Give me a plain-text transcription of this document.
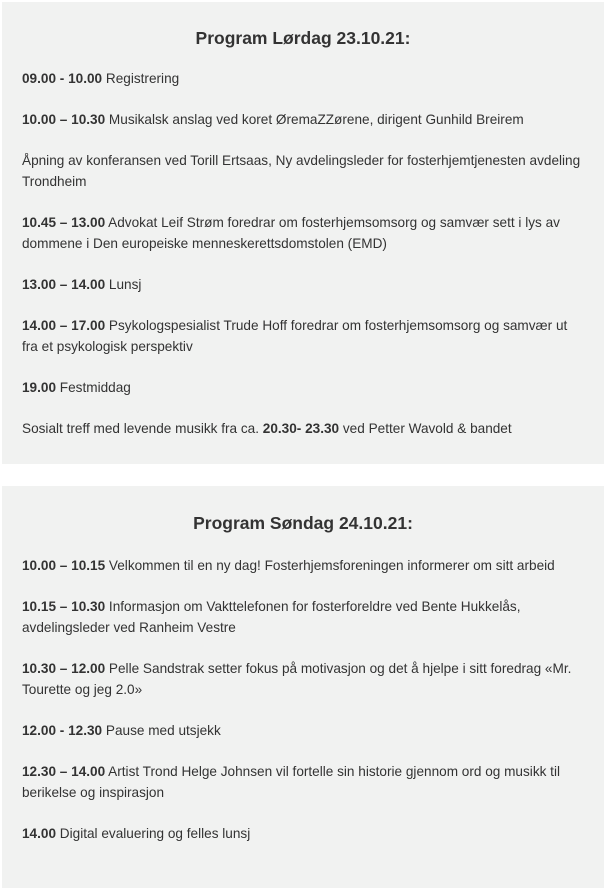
Program Lørdag 23.10.21:

09.00 - 10.00 Registrering

10.00 – 10.30 Musikalsk anslag ved koret ØremaZZørene, dirigent Gunhild Breirem

Åpning av konferansen ved Torill Ertsaas, Ny avdelingsleder for fosterhjemtjenesten avdeling Trondheim

10.45 – 13.00 Advokat Leif Strøm foredrar om fosterhjemsomsorg og samvær sett i lys av dommene i Den europeiske menneskerettsdomstolen (EMD)

13.00 – 14.00 Lunsj

14.00 – 17.00 Psykologspesialist Trude Hoff foredrar om fosterhjemsomsorg og samvær ut fra et psykologisk perspektiv

19.00 Festmiddag

Sosialt treff med levende musikk fra ca. 20.30- 23.30 ved Petter Wavold & bandet

Program Søndag 24.10.21:

10.00 – 10.15 Velkommen til en ny dag! Fosterhjemsforeningen informerer om sitt arbeid

10.15 – 10.30 Informasjon om Vakttelefonen for fosterforeldre ved Bente Hukkelås, avdelingsleder ved Ranheim Vestre

10.30 – 12.00 Pelle Sandstrak setter fokus på motivasjon og det å hjelpe i sitt foredrag «Mr. Tourette og jeg 2.0»

12.00 - 12.30 Pause med utsjekk

12.30 – 14.00 Artist Trond Helge Johnsen vil fortelle sin historie gjennom ord og musikk til berikelse og inspirasjon

14.00 Digital evaluering og felles lunsj
